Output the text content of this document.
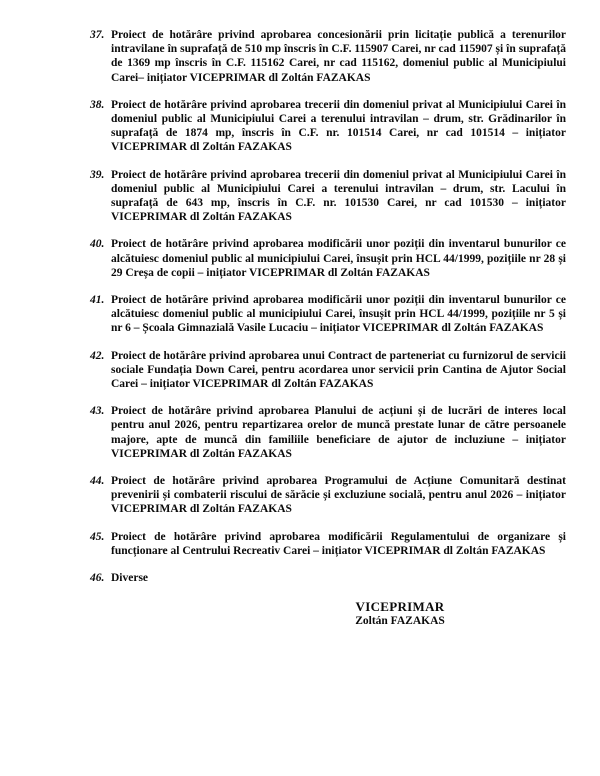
37. Proiect de hotărâre privind aprobarea concesionării prin licitație publică a terenurilor intravilane în suprafață de 510 mp înscris în C.F. 115907 Carei, nr cad 115907 și în suprafață de 1369 mp înscris în C.F. 115162 Carei, nr cad 115162, domeniul public al Municipiului Carei– inițiator VICEPRIMAR dl Zoltán FAZAKAS
38. Proiect de hotărâre privind aprobarea trecerii din domeniul privat al Municipiului Carei în domeniul public al Municipiului Carei a terenului intravilan – drum, str. Grădinarilor în suprafață de 1874 mp, înscris în C.F. nr. 101514 Carei, nr cad 101514 – inițiator VICEPRIMAR dl Zoltán FAZAKAS
39. Proiect de hotărâre privind aprobarea trecerii din domeniul privat al Municipiului Carei în domeniul public al Municipiului Carei a terenului intravilan – drum, str. Lacului în suprafață de 643 mp, înscris în C.F. nr. 101530 Carei, nr cad 101530 – inițiator VICEPRIMAR dl Zoltán FAZAKAS
40. Proiect de hotărâre privind aprobarea modificării unor poziții din inventarul bunurilor ce alcătuiesc domeniul public al municipiului Carei, însușit prin HCL 44/1999, pozițiile nr 28 și 29 Creșa de copii – inițiator VICEPRIMAR dl Zoltán FAZAKAS
41. Proiect de hotărâre privind aprobarea modificării unor poziții din inventarul bunurilor ce alcătuiesc domeniul public al municipiului Carei, însușit prin HCL 44/1999, pozițiile nr 5 și nr 6 – Școala Gimnazială Vasile Lucaciu – inițiator VICEPRIMAR dl Zoltán FAZAKAS
42. Proiect de hotărâre privind aprobarea unui Contract de parteneriat cu furnizorul de servicii sociale Fundația Down Carei, pentru acordarea unor servicii prin Cantina de Ajutor Social Carei – inițiator VICEPRIMAR dl Zoltán FAZAKAS
43. Proiect de hotărâre privind aprobarea Planului de acțiuni și de lucrări de interes local pentru anul 2026, pentru repartizarea orelor de muncă prestate lunar de către persoanele majore, apte de muncă din familiile beneficiare de ajutor de incluziune – inițiator VICEPRIMAR dl Zoltán FAZAKAS
44. Proiect de hotărâre privind aprobarea Programului de Acțiune Comunitară destinat prevenirii și combaterii riscului de sărăcie și excluziune socială, pentru anul 2026 – inițiator VICEPRIMAR dl Zoltán FAZAKAS
45. Proiect de hotărâre privind aprobarea modificării Regulamentului de organizare și funcționare al Centrului Recreativ Carei – inițiator VICEPRIMAR dl Zoltán FAZAKAS
46. Diverse
VICEPRIMAR
Zoltán FAZAKAS
